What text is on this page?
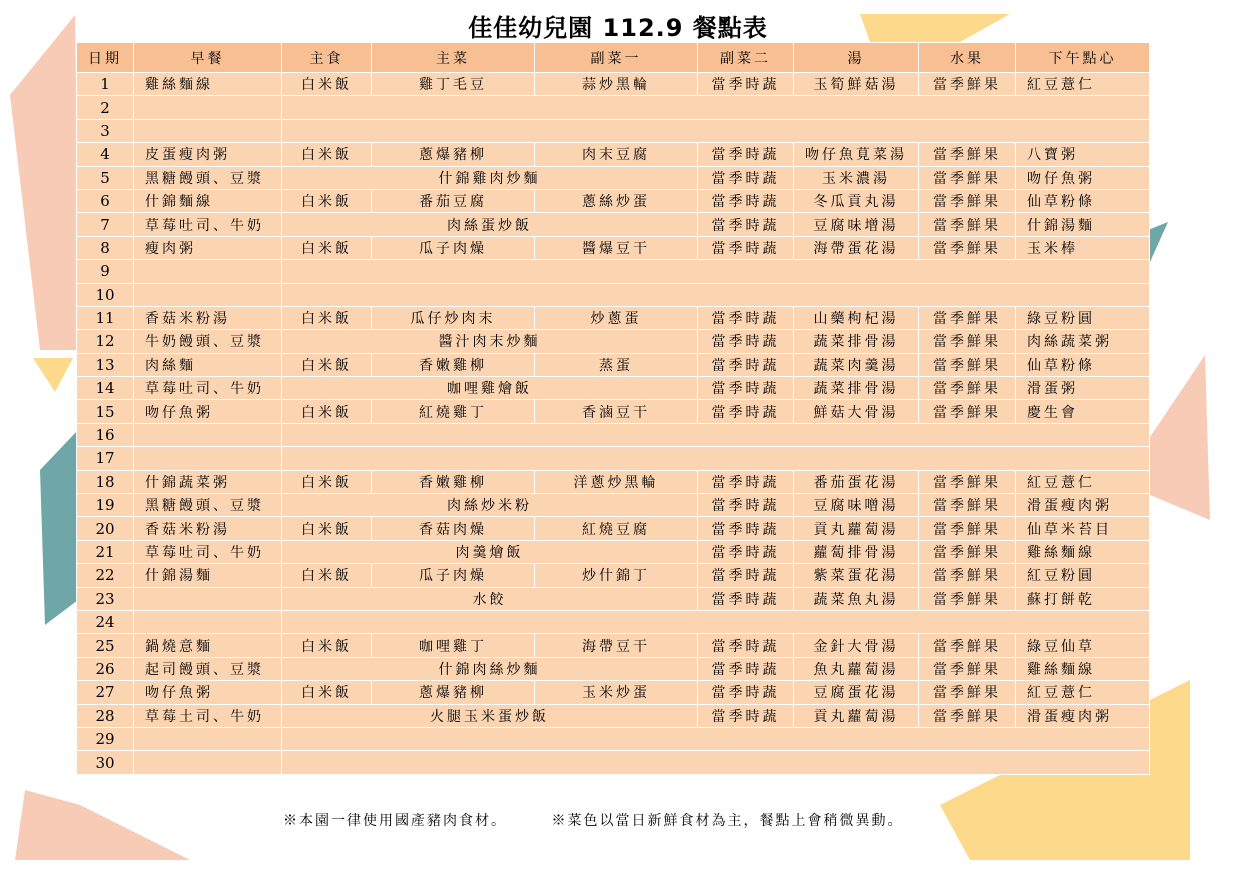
佳佳幼兒園 112.9 餐點表
日期	早餐	主食	主菜	副菜一	副菜二	湯	水果	下午點心
1	雞絲麵線	白米飯	雞丁毛豆	蒜炒黑輪	當季時蔬	玉筍鮮菇湯	當季鮮果	紅豆薏仁
2								
3								
4	皮蛋瘦肉粥	白米飯	蔥爆豬柳	肉末豆腐	當季時蔬	吻仔魚莧菜湯	當季鮮果	八寶粥
5	黑糖饅頭、豆漿	什錦雞肉炒麵			當季時蔬	玉米濃湯	當季鮮果	吻仔魚粥
6	什錦麵線	白米飯	番茄豆腐	蔥絲炒蛋	當季時蔬	冬瓜貢丸湯	當季鮮果	仙草粉條
7	草莓吐司、牛奶	肉絲蛋炒飯			當季時蔬	豆腐味增湯	當季鮮果	什錦湯麵
8	瘦肉粥	白米飯	瓜子肉燥	醬爆豆干	當季時蔬	海帶蛋花湯	當季鮮果	玉米棒
9								
10								
11	香菇米粉湯	白米飯	瓜仔炒肉末	炒蔥蛋	當季時蔬	山藥枸杞湯	當季鮮果	綠豆粉圓
12	牛奶饅頭、豆漿	醬汁肉末炒麵			當季時蔬	蔬菜排骨湯	當季鮮果	肉絲蔬菜粥
13	肉絲麵	白米飯	香嫩雞柳	蒸蛋	當季時蔬	蔬菜肉羹湯	當季鮮果	仙草粉條
14	草莓吐司、牛奶	咖哩雞燴飯			當季時蔬	蔬菜排骨湯	當季鮮果	滑蛋粥
15	吻仔魚粥	白米飯	紅燒雞丁	香滷豆干	當季時蔬	鮮菇大骨湯	當季鮮果	慶生會
16								
17								
18	什錦蔬菜粥	白米飯	香嫩雞柳	洋蔥炒黑輪	當季時蔬	番茄蛋花湯	當季鮮果	紅豆薏仁
19	黑糖饅頭、豆漿	肉絲炒米粉			當季時蔬	豆腐味噌湯	當季鮮果	滑蛋瘦肉粥
20	香菇米粉湯	白米飯	香菇肉燥	紅燒豆腐	當季時蔬	貢丸蘿蔔湯	當季鮮果	仙草米苔目
21	草莓吐司、牛奶	肉羹燴飯			當季時蔬	蘿蔔排骨湯	當季鮮果	雞絲麵線
22	什錦湯麵	白米飯	瓜子肉燥	炒什錦丁	當季時蔬	紫菜蛋花湯	當季鮮果	紅豆粉圓
23		水餃			當季時蔬	蔬菜魚丸湯	當季鮮果	蘇打餅乾
24								
25	鍋燒意麵	白米飯	咖哩雞丁	海帶豆干	當季時蔬	金針大骨湯	當季鮮果	綠豆仙草
26	起司饅頭、豆漿	什錦肉絲炒麵			當季時蔬	魚丸蘿蔔湯	當季鮮果	雞絲麵線
27	吻仔魚粥	白米飯	蔥爆豬柳	玉米炒蛋	當季時蔬	豆腐蛋花湯	當季鮮果	紅豆薏仁
28	草莓土司、牛奶	火腿玉米蛋炒飯			當季時蔬	貢丸蘿蔔湯	當季鮮果	滑蛋瘦肉粥
29								
30								
※本園一律使用國產豬肉食材。	※菜色以當日新鮮食材為主，餐點上會稍微異動。
